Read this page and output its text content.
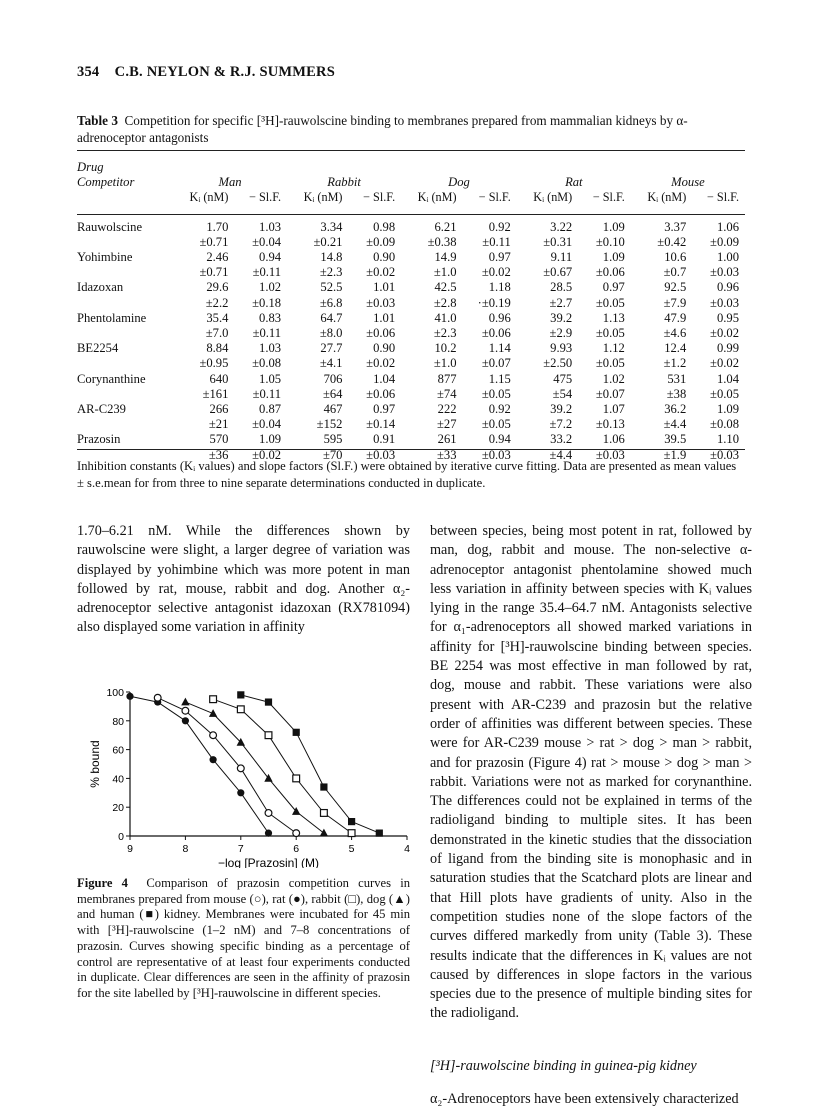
354 C.B. NEYLON & R.J. SUMMERS
Table 3 Competition for specific [³H]-rauwolscine binding to membranes prepared from mammalian kidneys by α-adrenoceptor antagonists
Drug										
Competitor	Man		Rabbit		Dog		Rat		Mouse	
	Kᵢ (nM)	− Sl.F.	Kᵢ (nM)	− Sl.F.	Kᵢ (nM)	− Sl.F.	Kᵢ (nM)	− Sl.F.	Kᵢ (nM)	− Sl.F.

Rauwolscine	1.70	1.03	3.34	0.98	6.21	0.92	3.22	1.09	3.37	1.06
	±0.71	±0.04	±0.21	±0.09	±0.38	±0.11	±0.31	±0.10	±0.42	±0.09
Yohimbine	2.46	0.94	14.8	0.90	14.9	0.97	9.11	1.09	10.6	1.00
	±0.71	±0.11	±2.3	±0.02	±1.0	±0.02	±0.67	±0.06	±0.7	±0.03
Idazoxan	29.6	1.02	52.5	1.01	42.5	1.18	28.5	0.97	92.5	0.96
	±2.2	±0.18	±6.8	±0.03	±2.8	·±0.19	±2.7	±0.05	±7.9	±0.03
Phentolamine	35.4	0.83	64.7	1.01	41.0	0.96	39.2	1.13	47.9	0.95
	±7.0	±0.11	±8.0	±0.06	±2.3	±0.06	±2.9	±0.05	±4.6	±0.02
BE2254	8.84	1.03	27.7	0.90	10.2	1.14	9.93	1.12	12.4	0.99
	±0.95	±0.08	±4.1	±0.02	±1.0	±0.07	±2.50	±0.05	±1.2	±0.02
Corynanthine	640	1.05	706	1.04	877	1.15	475	1.02	531	1.04
	±161	±0.11	±64	±0.06	±74	±0.05	±54	±0.07	±38	±0.05
AR-C239	266	0.87	467	0.97	222	0.92	39.2	1.07	36.2	1.09
	±21	±0.04	±152	±0.14	±27	±0.05	±7.2	±0.13	±4.4	±0.08
Prazosin	570	1.09	595	0.91	261	0.94	33.2	1.06	39.5	1.10
	±36	±0.02	±70	±0.03	±33	±0.03	±4.4	±0.03	±1.9	±0.03
Inhibition constants (Kᵢ values) and slope factors (Sl.F.) were obtained by iterative curve fitting. Data are presented as mean values ± s.e.mean for from three to nine separate determinations conducted in duplicate.
1.70–6.21 nM. While the differences shown by rauwolscine were slight, a larger degree of variation was displayed by yohimbine which was more potent in man followed by rat, mouse, rabbit and dog. Another α₂-adrenoceptor selective antagonist idazoxan (RX781094) also displayed some variation in affinity
9	8	7	6	5	4
0
20
40
60
80
100
−log [Prazosin] (M)
% bound
Figure 4 Comparison of prazosin competition curves in membranes prepared from mouse (○), rat (●), rabbit (□), dog (▲) and human (■) kidney. Membranes were incubated for 45 min with [³H]-rauwolscine (1–2 nM) and 7–8 concentrations of prazosin. Curves showing specific binding as a percentage of control are representative of at least four experiments conducted in duplicate. Clear differences are seen in the affinity of prazosin for the site labelled by [³H]-rauwolscine in different species.
between species, being most potent in rat, followed by man, dog, rabbit and mouse. The non-selective α-adrenoceptor antagonist phentolamine showed much less variation in affinity between species with Kᵢ values lying in the range 35.4–64.7 nM. Antagonists selective for α₁-adrenoceptors all showed marked variations in affinity for [³H]-rauwolscine binding between species. BE 2254 was most effective in man followed by rat, dog, mouse and rabbit. These variations were also present with AR-C239 and prazosin but the relative order of affinities was different between species. These were for AR-C239 mouse > rat > dog > man > rabbit, and for prazosin (Figure 4) rat > mouse > dog > man > rabbit. Variations were not as marked for corynanthine. The differences could not be explained in terms of the radioligand binding to multiple sites. It has been demonstrated in the kinetic studies that the dissociation of ligand from the binding site is monophasic and in saturation studies that the Scatchard plots are linear and that Hill plots have gradients of unity. Also in the competition studies none of the slope factors of the curves differed markedly from unity (Table 3). These results indicate that the differences in Kᵢ values are not caused by differences in slope factors in the various species due to the presence of multiple binding sites for the radioligand.
[³H]-rauwolscine binding in guinea-pig kidney
α₂-Adrenoceptors have been extensively characterized
